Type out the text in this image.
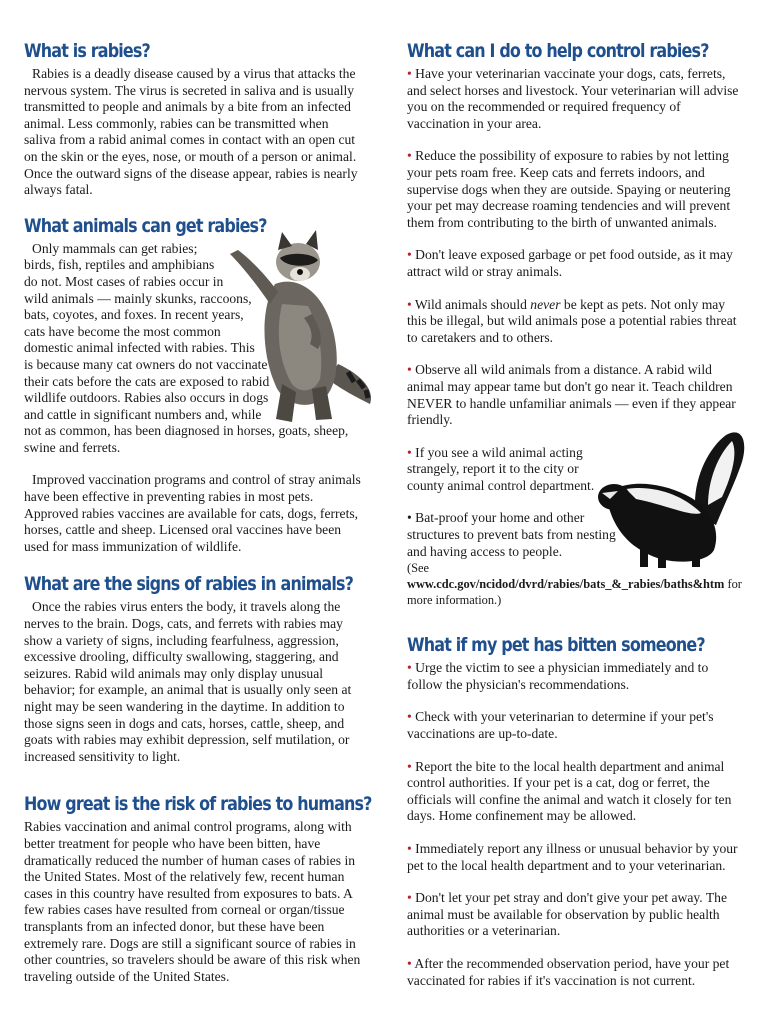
What is rabies?

Rabies is a deadly disease caused by a virus that attacks the nervous system. The virus is secreted in saliva and is usually transmitted to people and animals by a bite from an infected animal. Less commonly, rabies can be transmitted when saliva from a rabid animal comes in contact with an open cut on the skin or the eyes, nose, or mouth of a person or animal. Once the outward signs of the disease appear, rabies is nearly always fatal.

What animals can get rabies?

Only mammals can get rabies;
birds, fish, reptiles and amphibians
do not. Most cases of rabies occur in
wild animals — mainly skunks, raccoons,
bats, coyotes, and foxes. In recent years,
cats have become the most common
domestic animal infected with rabies. This
is because many cat owners do not vaccinate
their cats before the cats are exposed to rabid
wildlife outdoors. Rabies also occurs in dogs
and cattle in significant numbers and, while
not as common, has been diagnosed in horses, goats, sheep, swine and ferrets.

Improved vaccination programs and control of stray animals have been effective in preventing rabies in most pets. Approved rabies vaccines are available for cats, dogs, ferrets, horses, cattle and sheep. Licensed oral vaccines have been used for mass immunization of wildlife.

What are the signs of rabies in animals?

Once the rabies virus enters the body, it travels along the nerves to the brain. Dogs, cats, and ferrets with rabies may show a variety of signs, including fearfulness, aggression, excessive drooling, difficulty swallowing, staggering, and seizures. Rabid wild animals may only display unusual behavior; for example, an animal that is usually only seen at night may be seen wandering in the daytime. In addition to those signs seen in dogs and cats, horses, cattle, sheep, and goats with rabies may exhibit depression, self mutilation, or increased sensitivity to light.

How great is the risk of rabies to humans?

Rabies vaccination and animal control programs, along with better treatment for people who have been bitten, have dramatically reduced the number of human cases of rabies in the United States. Most of the relatively few, recent human cases in this country have resulted from exposures to bats. A few rabies cases have resulted from corneal or organ/tissue transplants from an infected donor, but these have been extremely rare. Dogs are still a significant source of rabies in other countries, so travelers should be aware of this risk when traveling outside of the United States.

What can I do to help control rabies?

• Have your veterinarian vaccinate your dogs, cats, ferrets, and select horses and livestock. Your veterinarian will advise you on the recommended or required frequency of vaccination in your area.

• Reduce the possibility of exposure to rabies by not letting your pets roam free. Keep cats and ferrets indoors, and supervise dogs when they are outside. Spaying or neutering your pet may decrease roaming tendencies and will prevent them from contributing to the birth of unwanted animals.

• Don't leave exposed garbage or pet food outside, as it may attract wild or stray animals.

• Wild animals should never be kept as pets. Not only may this be illegal, but wild animals pose a potential rabies threat to caretakers and to others.

• Observe all wild animals from a distance. A rabid wild animal may appear tame but don't go near it. Teach children NEVER to handle unfamiliar animals — even if they appear friendly.

• If you see a wild animal acting strangely, report it to the city or county animal control department.

• Bat-proof your home and other structures to prevent bats from nesting and having access to people.

(See www.cdc.gov/ncidod/dvrd/rabies/bats_&_rabies/baths&htm for more information.)

What if my pet has bitten someone?

• Urge the victim to see a physician immediately and to follow the physician's recommendations.

• Check with your veterinarian to determine if your pet's vaccinations are up-to-date.

• Report the bite to the local health department and animal control authorities. If your pet is a cat, dog or ferret, the officials will confine the animal and watch it closely for ten days. Home confinement may be allowed.

• Immediately report any illness or unusual behavior by your pet to the local health department and to your veterinarian.

• Don't let your pet stray and don't give your pet away. The animal must be available for observation by public health authorities or a veterinarian.

• After the recommended observation period, have your pet vaccinated for rabies if it's vaccination is not current.
